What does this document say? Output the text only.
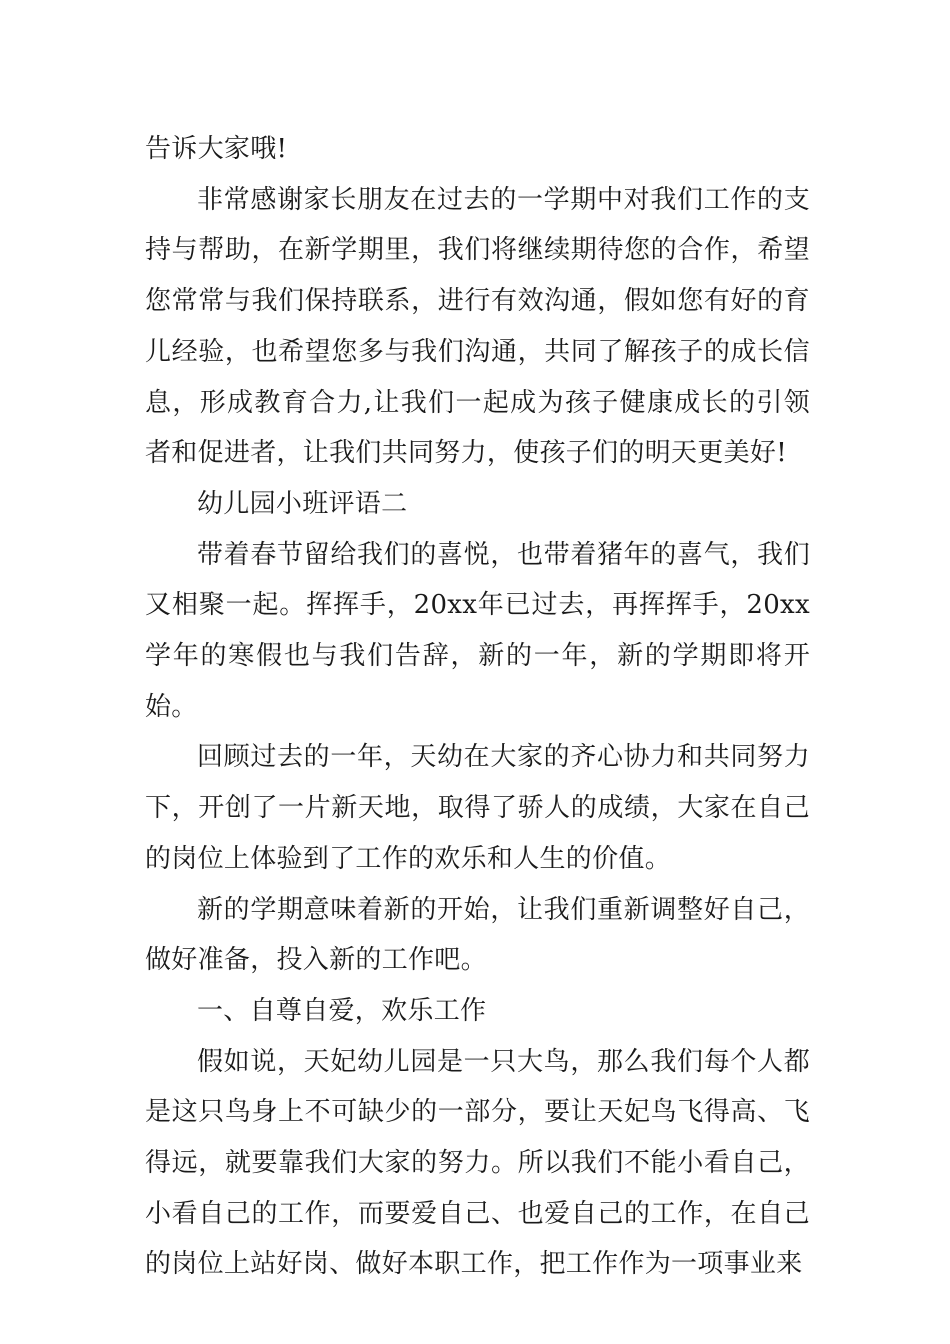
告诉大家哦!

非常感谢家长朋友在过去的一学期中对我们工作的支持与帮助，在新学期里，我们将继续期待您的合作，希望您常常与我们保持联系，进行有效沟通，假如您有好的育儿经验，也希望您多与我们沟通，共同了解孩子的成长信息，形成教育合力,让我们一起成为孩子健康成长的引领者和促进者，让我们共同努力，使孩子们的明天更美好!

幼儿园小班评语二

带着春节留给我们的喜悦，也带着猪年的喜气，我们又相聚一起。挥挥手，20xx年已过去，再挥挥手，20xx学年的寒假也与我们告辞，新的一年，新的学期即将开始。

回顾过去的一年，天幼在大家的齐心协力和共同努力下，开创了一片新天地，取得了骄人的成绩，大家在自己的岗位上体验到了工作的欢乐和人生的价值。

新的学期意味着新的开始，让我们重新调整好自己，做好准备，投入新的工作吧。

一、自尊自爱，欢乐工作

假如说，天妃幼儿园是一只大鸟，那么我们每个人都是这只鸟身上不可缺少的一部分，要让天妃鸟飞得高、飞得远，就要靠我们大家的努力。所以我们不能小看自己，小看自己的工作，而要爱自己、也爱自己的工作，在自己的岗位上站好岗、做好本职工作，把工作作为一项事业来
